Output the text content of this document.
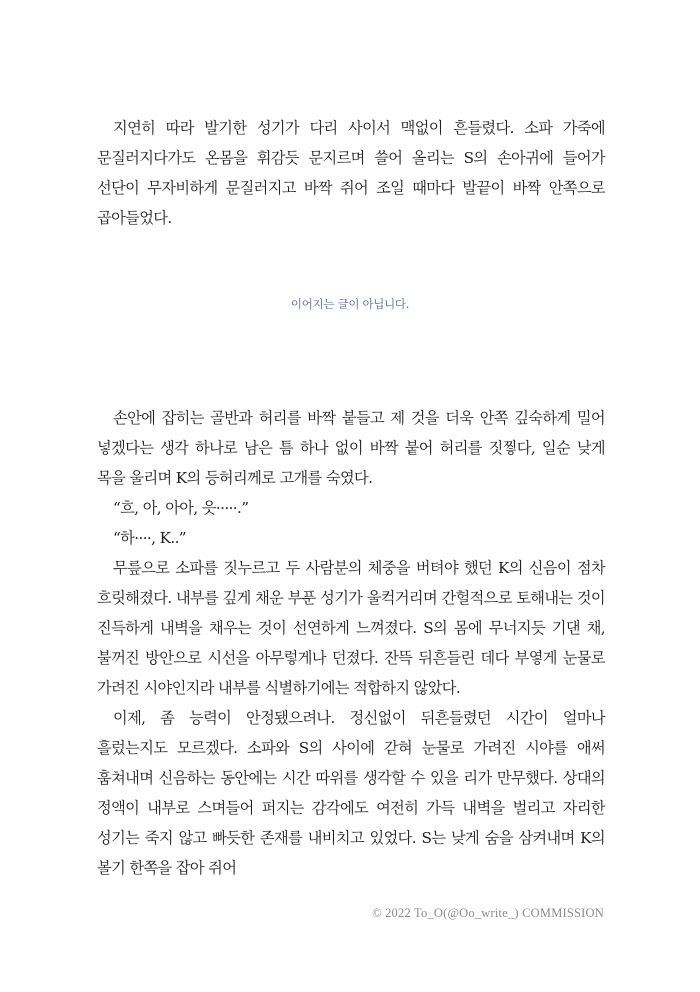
지연히 따라 발기한 성기가 다리 사이서 맥없이 흔들렸다. 소파 가죽에 문질러지다가도 온몸을 휘감듯 문지르며 쓸어 올리는 S의 손아귀에 들어가 선단이 무자비하게 문질러지고 바짝 쥐어 조일 때마다 발끝이 바짝 안쪽으로 곱아들었다.

이어지는 글이 아닙니다.

손안에 잡히는 골반과 허리를 바짝 붙들고 제 것을 더욱 안쪽 깊숙하게 밀어 넣겠다는 생각 하나로 남은 틈 하나 없이 바짝 붙어 허리를 짓찧다, 일순 낮게 목을 울리며 K의 등허리께로 고개를 숙였다.

“흐, 아, 아아, 읏·····.”

“하····, K..”

무릎으로 소파를 짓누르고 두 사람분의 체중을 버텨야 했던 K의 신음이 점차 흐릿해졌다. 내부를 깊게 채운 부푼 성기가 울컥거리며 간헐적으로 토해내는 것이 진득하게 내벽을 채우는 것이 선연하게 느껴졌다. S의 몸에 무너지듯 기댄 채, 불꺼진 방안으로 시선을 아무렇게나 던졌다. 잔뜩 뒤흔들린 데다 부옇게 눈물로 가려진 시야인지라 내부를 식별하기에는 적합하지 않았다.

이제, 좀 능력이 안정됐으려나. 정신없이 뒤흔들렸던 시간이 얼마나 흘렀는지도 모르겠다. 소파와 S의 사이에 갇혀 눈물로 가려진 시야를 애써 훔쳐내며 신음하는 동안에는 시간 따위를 생각할 수 있을 리가 만무했다. 상대의 정액이 내부로 스며들어 퍼지는 감각에도 여전히 가득 내벽을 벌리고 자리한 성기는 죽지 않고 빠듯한 존재를 내비치고 있었다. S는 낮게 숨을 삼켜내며 K의 볼기 한쪽을 잡아 쥐어

© 2022 To_O(@Oo_write_) COMMISSION
